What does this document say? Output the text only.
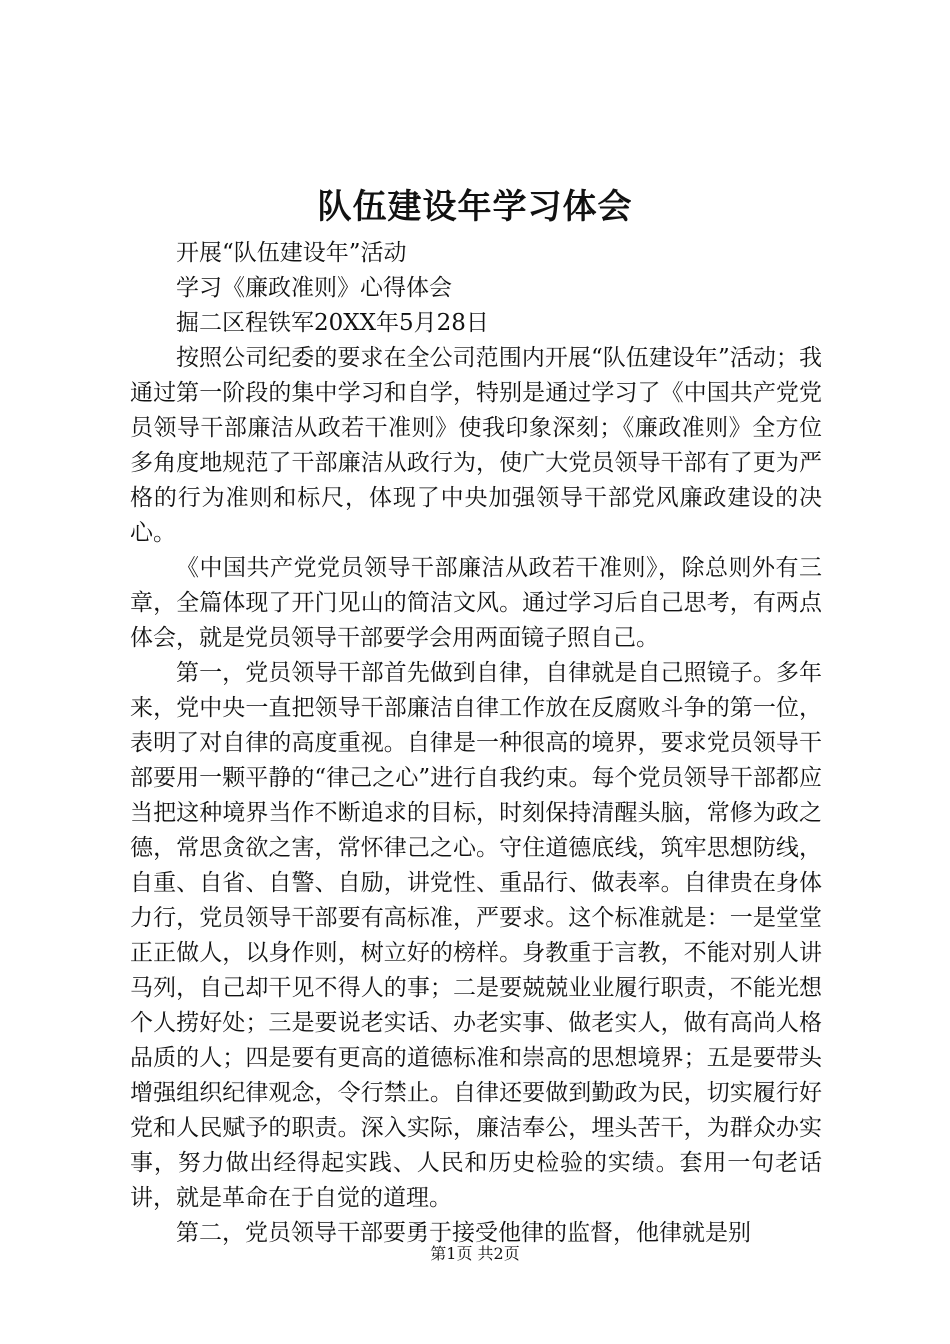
队伍建设年学习体会

开展“队伍建设年”活动

学习《廉政准则》心得体会

掘二区程铁军20XX年5月28日

按照公司纪委的要求在全公司范围内开展“队伍建设年”活动；我通过第一阶段的集中学习和自学，特别是通过学习了《中国共产党党员领导干部廉洁从政若干准则》使我印象深刻；《廉政准则》全方位多角度地规范了干部廉洁从政行为，使广大党员领导干部有了更为严格的行为准则和标尺，体现了中央加强领导干部党风廉政建设的决心。

《中国共产党党员领导干部廉洁从政若干准则》，除总则外有三章，全篇体现了开门见山的简洁文风。通过学习后自己思考，有两点体会，就是党员领导干部要学会用两面镜子照自己。

第一，党员领导干部首先做到自律，自律就是自己照镜子。多年来，党中央一直把领导干部廉洁自律工作放在反腐败斗争的第一位，表明了对自律的高度重视。自律是一种很高的境界，要求党员领导干部要用一颗平静的“律己之心”进行自我约束。每个党员领导干部都应当把这种境界当作不断追求的目标，时刻保持清醒头脑，常修为政之德，常思贪欲之害，常怀律己之心。守住道德底线，筑牢思想防线，自重、自省、自警、自励，讲党性、重品行、做表率。自律贵在身体力行，党员领导干部要有高标准，严要求。这个标准就是：一是堂堂正正做人，以身作则，树立好的榜样。身教重于言教，不能对别人讲马列，自己却干见不得人的事；二是要兢兢业业履行职责，不能光想个人捞好处；三是要说老实话、办老实事、做老实人，做有高尚人格品质的人；四是要有更高的道德标准和崇高的思想境界；五是要带头增强组织纪律观念，令行禁止。自律还要做到勤政为民，切实履行好党和人民赋予的职责。深入实际，廉洁奉公，埋头苦干，为群众办实事，努力做出经得起实践、人民和历史检验的实绩。套用一句老话讲，就是革命在于自觉的道理。

第二，党员领导干部要勇于接受他律的监督，他律就是别

第1页 共2页
